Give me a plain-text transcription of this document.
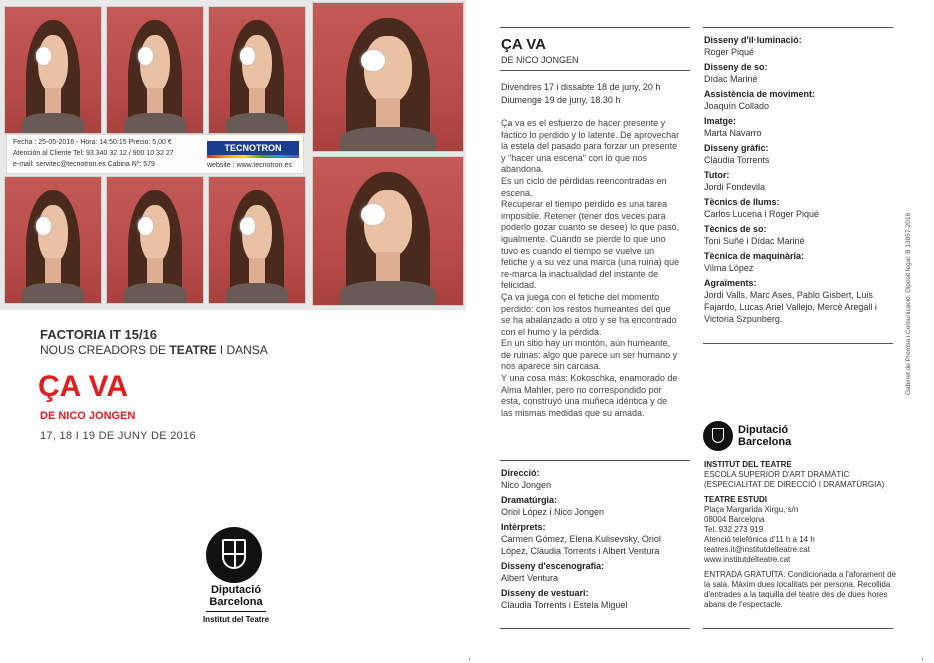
Fecha : 25-05-2016 - Hora: 14:50:15 Precio: 5,00 €
Atención al Cliente Tel: 93 340 32 12 / 900 10 32 27
e-mail: servitec@tecnotron.es Cabina Nº: 579
TECNOTRON
website : www.tecnotron.es
FACTORIA IT 15/16
NOUS CREADORS DE TEATRE I DANSA
ÇA VA
DE NICO JONGEN
17, 18 I 19 DE JUNY DE 2016
Diputació
Barcelona
Institut del Teatre
ÇA VA
DE NICO JONGEN
Divendres 17 i dissabte 18 de juny, 20 h
Diumenge 19 de juny, 18.30 h

Ça va es el esfuerzo de hacer presente y fáctico lo perdido y lo latente. De aprovechar la estela del pasado para forzar un presente y "hacer una escena" con lo que nos abandona.

Es un ciclo de pérdidas reencontradas en escena.

Recuperar el tiempo perdido es una tarea imposible. Retener (tener dos veces para poderlo gozar cuanto se desee) lo que pasó, igualmente. Cuando se pierde lo que uno tuvo es cuando el tiempo se vuelve un fetiche y a su vez una marca (una ruina) que re-marca la inactualidad del instante de felicidad.

Ça va juega con el fetiche del momento perdido: con los restos humeantes del que se ha abalanzado a otro y se ha encontrado con el humo y la pérdida.

En un sitio hay un montón, aún humeante, de ruinas: algo que parece un ser humano y nos aparece sin carcasa.

Y una cosa más: Kokoschka, enamorado de Alma Mahler, pero no correspondido por esta, construyó una muñeca idéntica y de las mismas medidas que su amada.

Direcció:
Nico Jongen
Dramatúrgia:
Oriol López i Nico Jongen
Intèrprets:
Carmen Gómez, Elena Kulisevsky, Oriol López, Clàudia Torrents i Albert Ventura
Disseny d'escenografia:
Albert Ventura
Disseny de vestuari:
Clàudia Torrents i Estela Miguel
Disseny d'il·luminació:
Roger Piqué
Disseny de so:
Dídac Mariné
Assistència de moviment:
Joaquín Collado
Imatge:
Marta Navarro
Disseny gràfic:
Clàudia Torrents
Tutor:
Jordi Fondevila
Tècnics de llums:
Carlos Lucena i Roger Piqué
Tècnics de so:
Toni Suñé i Dídac Mariné
Tècnica de maquinària:
Vilma López
Agraïments:
Jordi Valls, Marc Ases, Pablo Gisbert, Luis Fajardo, Lucas Ariel Vallejo, Mercè Aregall i Victoria Szpunberg.
Diputació
Barcelona
INSTITUT DEL TEATRE
ESCOLA SUPERIOR D'ART DRAMÀTIC
(ESPECIALITAT DE DIRECCIÓ I DRAMATÚRGIA)
TEATRE ESTUDI
Plaça Margarida Xirgu, s/n
08004 Barcelona
Tel. 932 273 919
Atenció telefònica d'11 h a 14 h
teatres.it@institutdelteatre.cat
www.institutdelteatre.cat
ENTRADA GRATUÏTA. Condicionada a l'aforament de la sala. Màxim dues localitats per persona. Recollida d'entrades a la taquilla del teatre des de dues hores abans de l'espectacle.
Gabinet de Premsa i Comunicació. Dipòsit legal: B 13857-2016
